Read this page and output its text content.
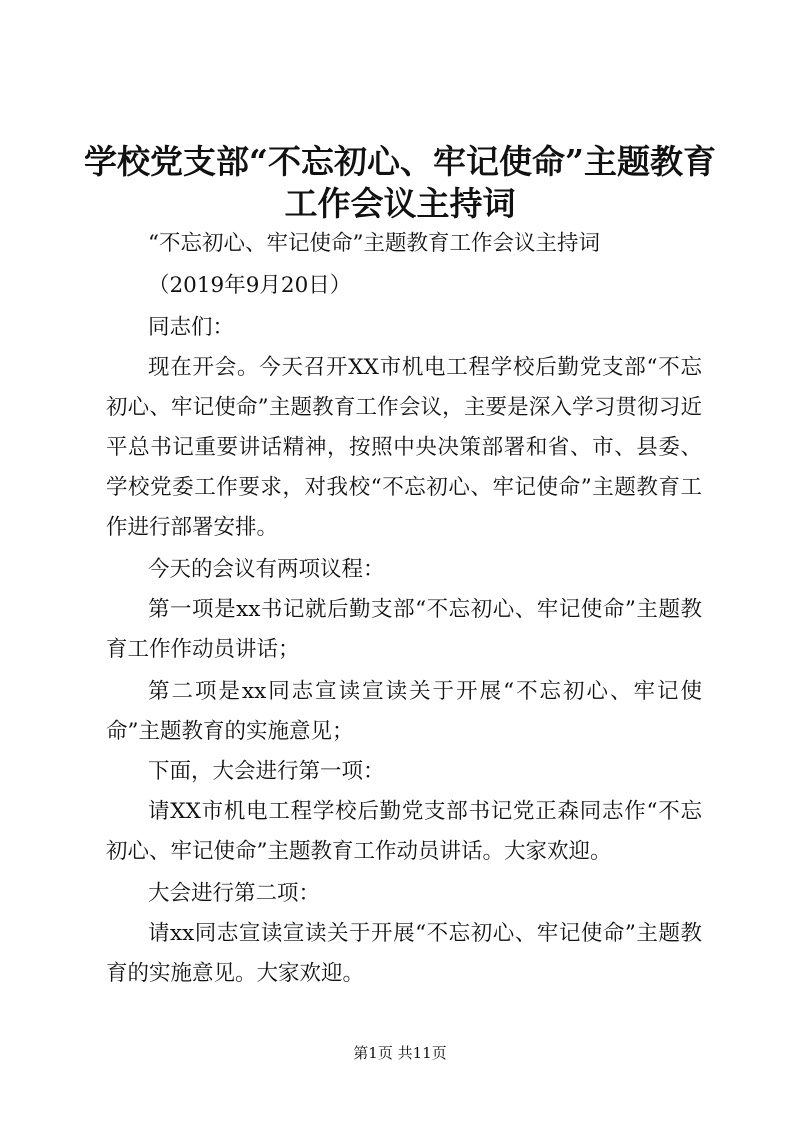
学校党支部“不忘初心、牢记使命”主题教育
工作会议主持词

“不忘初心、牢记使命”主题教育工作会议主持词

（2019年9月20日）

同志们：

现在开会。今天召开XX市机电工程学校后勤党支部“不忘初心、牢记使命”主题教育工作会议，主要是深入学习贯彻习近平总书记重要讲话精神，按照中央决策部署和省、市、县委、学校党委工作要求，对我校“不忘初心、牢记使命”主题教育工作进行部署安排。

今天的会议有两项议程：

第一项是xx书记就后勤支部“不忘初心、牢记使命”主题教育工作作动员讲话；

第二项是xx同志宣读宣读关于开展“不忘初心、牢记使命”主题教育的实施意见；

下面，大会进行第一项：

请XX市机电工程学校后勤党支部书记党正森同志作“不忘初心、牢记使命”主题教育工作动员讲话。大家欢迎。

大会进行第二项：

请xx同志宣读宣读关于开展“不忘初心、牢记使命”主题教育的实施意见。大家欢迎。

第1页 共11页
